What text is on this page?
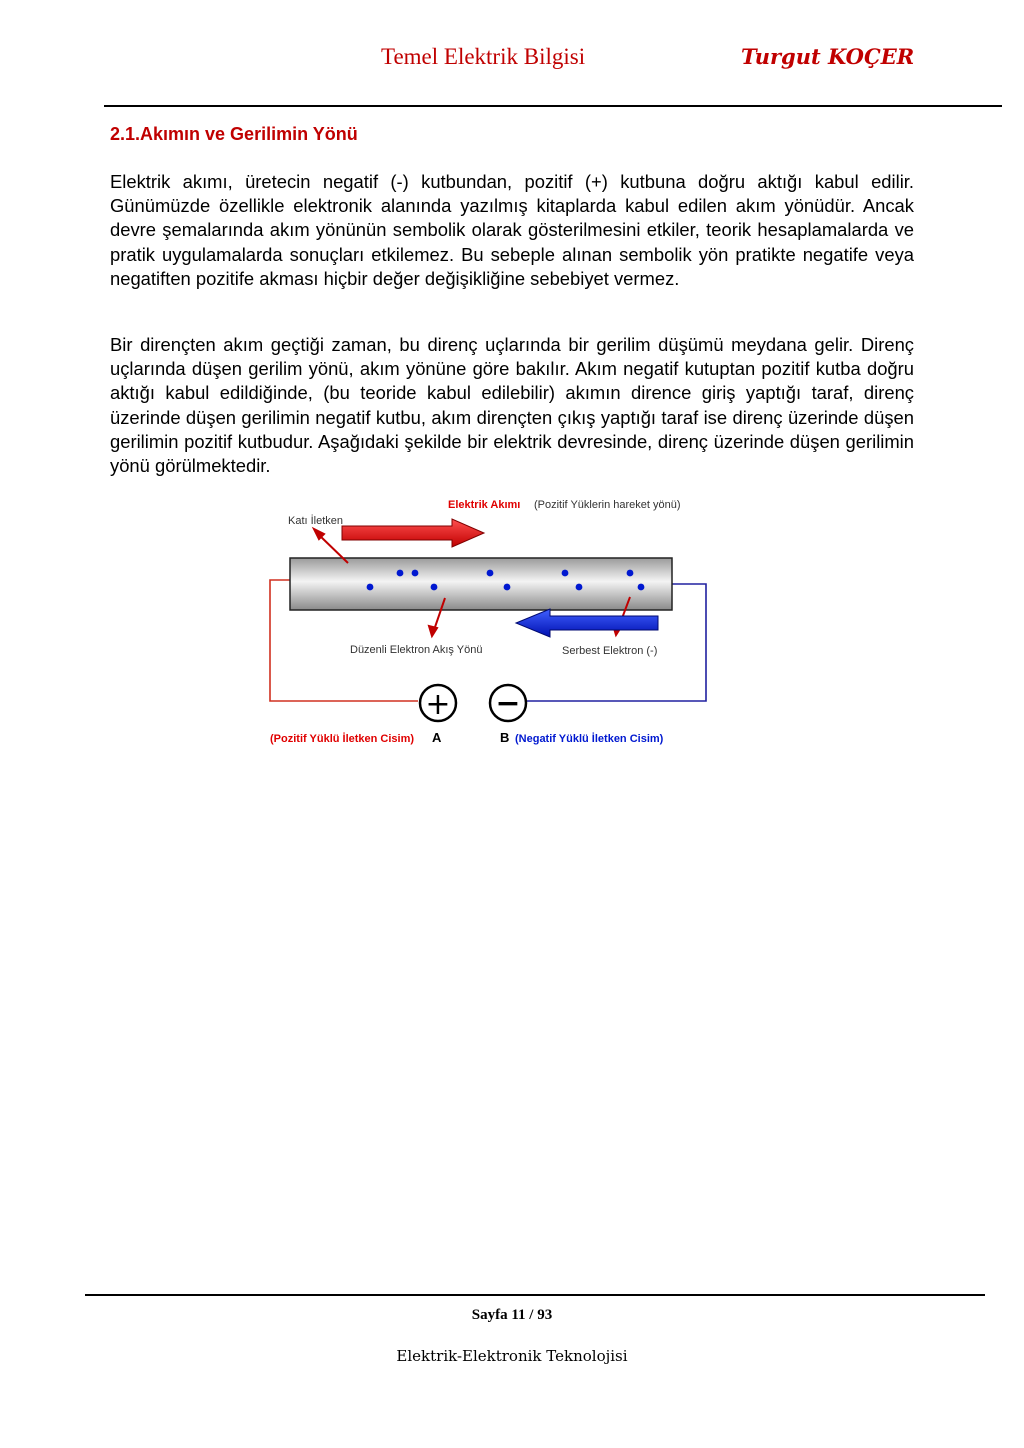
Temel Elektrik Bilgisi	Turgut KOÇER
2.1.Akımın ve Gerilimin Yönü

Elektrik akımı, üretecin negatif (-) kutbundan, pozitif (+) kutbuna doğru aktığı kabul edilir. Günümüzde özellikle elektronik alanında yazılmış kitaplarda kabul edilen akım yönüdür. Ancak devre şemalarında akım yönünün sembolik olarak gösterilmesini etkiler, teorik hesaplamalarda ve pratik uygulamalarda sonuçları etkilemez. Bu sebeple alınan sembolik yön pratikte negatife veya negatiften pozitife akması hiçbir değer değişikliğine sebebiyet vermez.

Bir dirençten akım geçtiği zaman, bu direnç uçlarında bir gerilim düşümü meydana gelir. Direnç uçlarında düşen gerilim yönü, akım yönüne göre bakılır. Akım negatif kutuptan pozitif kutba doğru aktığı kabul edildiğinde, (bu teoride kabul edilebilir) akımın dirence giriş yaptığı taraf, direnç üzerinde düşen gerilimin negatif kutbu, akım dirençten çıkış yaptığı taraf ise direnç üzerinde düşen gerilimin pozitif kutbudur. Aşağıdaki şekilde bir elektrik devresinde, direnç üzerinde düşen gerilimin yönü görülmektedir.

Elektrik Akımı (Pozitif Yüklerin hareket yönü)
Katı İletken
Düzenli Elektron Akış Yönü	Serbest Elektron (-)
+ −
(Pozitif Yüklü İletken Cisim) A	B (Negatif Yüklü İletken Cisim)
Sayfa 11 / 93
Elektrik-Elektronik Teknolojisi
